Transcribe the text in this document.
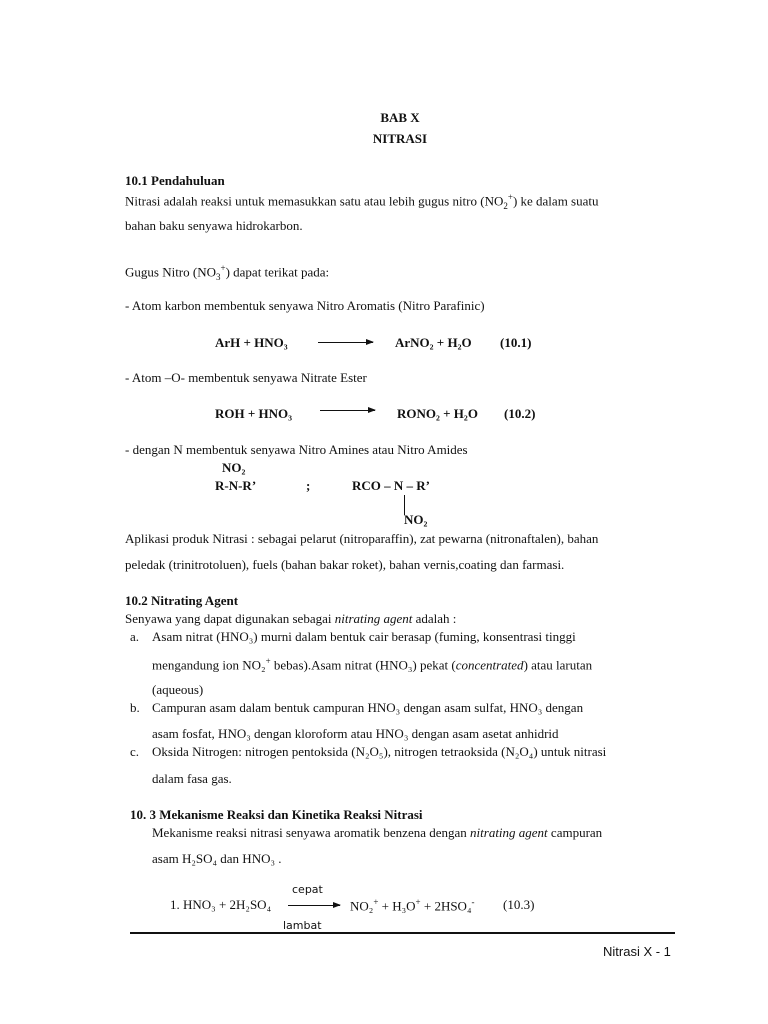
BAB X
NITRASI
10.1 Pendahuluan
Nitrasi adalah reaksi untuk memasukkan satu atau lebih gugus nitro $(NO_2^+)$ ke dalam suatu
bahan baku senyawa hidrokarbon.
Gugus Nitro $(NO_3^+)$ dapat terikat pada:
- Atom karbon membentuk senyawa Nitro Aromatis (Nitro Parafinic)
ArH + HNO₃	ArNO₂ + H₂O (10.1)
- Atom –O- membentuk senyawa Nitrate Ester
ROH + HNO₃	RONO₂ + H₂O (10.2)
- dengan N membentuk senyawa Nitro Amines atau Nitro Amides
NO₂
R-N-R’	;	RCO – N – R’
NO₂
Aplikasi produk Nitrasi : sebagai pelarut (nitroparaffin), zat pewarna (nitronaftalen), bahan
peledak (trinitrotoluen), fuels (bahan bakar roket), bahan vernis,coating dan farmasi.
10.2 Nitrating Agent
Senyawa yang dapat digunakan sebagai nitrating agent adalah :
a. Asam nitrat (HNO₃) murni dalam bentuk cair berasap (fuming, konsentrasi tinggi
mengandung ion NO₂+ bebas).Asam nitrat (HNO₃) pekat (concentrated) atau larutan
(aqueous)
b. Campuran asam dalam bentuk campuran HNO₃ dengan asam sulfat, HNO₃ dengan
asam fosfat, HNO₃ dengan kloroform atau HNO₃ dengan asam asetat anhidrid
c. Oksida Nitrogen: nitrogen pentoksida (N₂O₅), nitrogen tetraoksida (N₂O₄) untuk nitrasi
dalam fasa gas.
10. 3 Mekanisme Reaksi dan Kinetika Reaksi Nitrasi
Mekanisme reaksi nitrasi senyawa aromatik benzena dengan nitrating agent campuran
asam H₂SO₄ dan HNO₃ .
cepat
1. HNO₃ + 2H₂SO₄	NO₂+ + H₃O+ + 2HSO₄- (10.3)
lambat
Nitrasi X - 1
